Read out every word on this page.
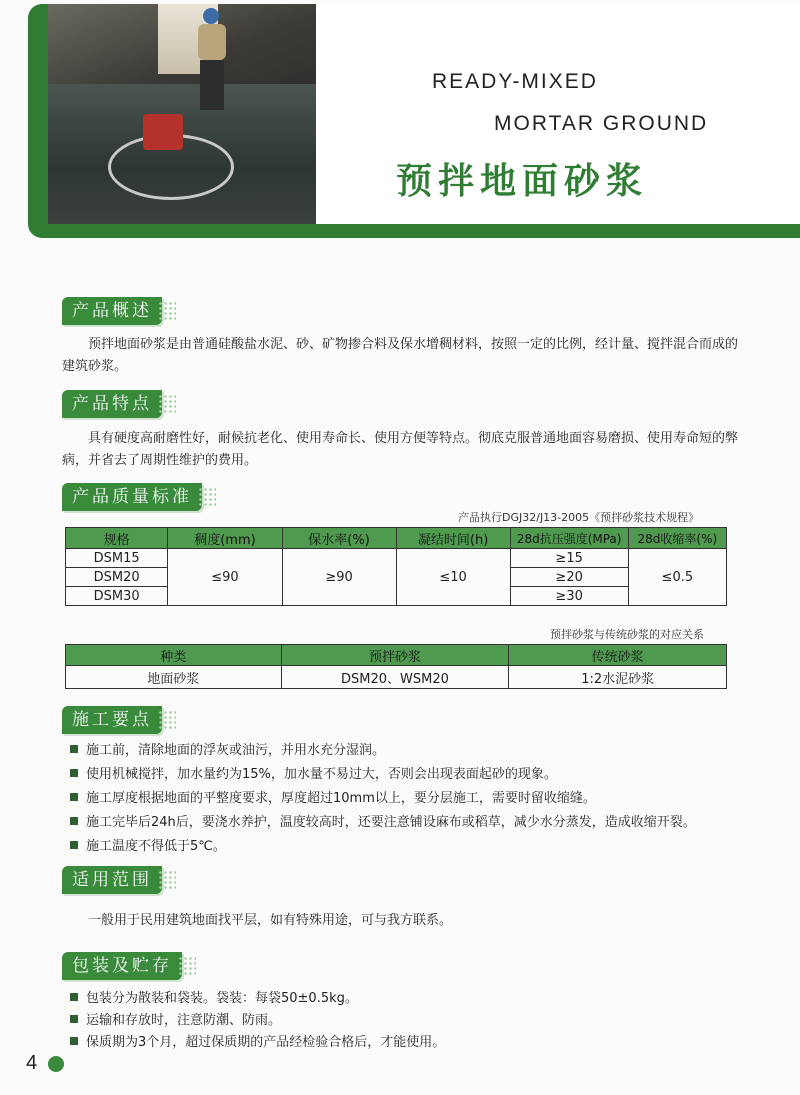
READY-MIXED
MORTAR GROUND
预拌地面砂浆
产品概述
预拌地面砂浆是由普通硅酸盐水泥、砂、矿物掺合料及保水增稠材料，按照一定的比例，经计量、搅拌混合而成的建筑砂浆。
产品特点
具有硬度高耐磨性好，耐候抗老化、使用寿命长、使用方便等特点。彻底克服普通地面容易磨损、使用寿命短的弊病，并省去了周期性维护的费用。
产品质量标准
产品执行DGJ32/J13-2005《预拌砂浆技术规程》
规格	稠度(mm)	保水率(%)	凝结时间(h)	28d抗压强度(MPa)	28d收缩率(%)
DSM15	≤90	≥90	≤10	≥15	≤0.5
DSM20				≥20	
DSM30				≥30	
预拌砂浆与传统砂浆的对应关系
种类	预拌砂浆	传统砂浆
地面砂浆	DSM20、WSM20	1:2水泥砂浆
施工要点
施工前，清除地面的浮灰或油污，并用水充分湿润。
使用机械搅拌，加水量约为15%，加水量不易过大，否则会出现表面起砂的现象。
施工厚度根据地面的平整度要求，厚度超过10mm以上，要分层施工，需要时留收缩缝。
施工完毕后24h后，要浇水养护，温度较高时，还要注意铺设麻布或稻草，减少水分蒸发，造成收缩开裂。
施工温度不得低于5℃。
适用范围
一般用于民用建筑地面找平层，如有特殊用途，可与我方联系。
包装及贮存
包装分为散装和袋装。袋装：每袋50±0.5kg。
运输和存放时，注意防潮、防雨。
保质期为3个月，超过保质期的产品经检验合格后，才能使用。
4
